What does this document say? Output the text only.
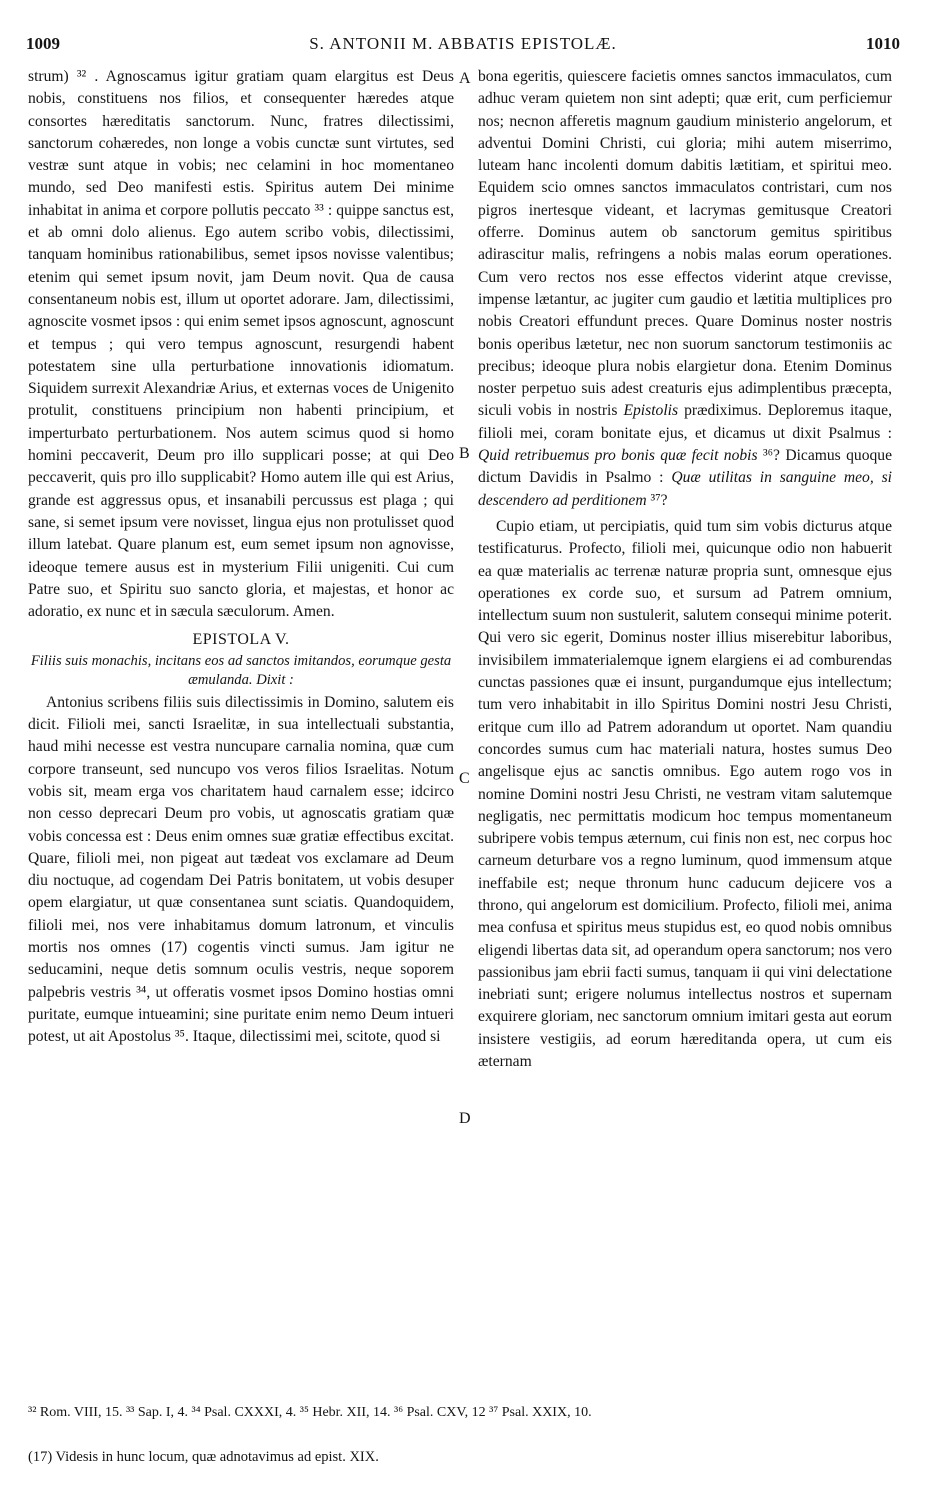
1009	S. ANTONII M. ABBATIS EPISTOLÆ.	1010

strum) ³² . Agnoscamus igitur gratiam quam elargitus est Deus nobis, constituens nos filios, et consequenter hæredes atque consortes hæreditatis sanctorum. Nunc, fratres dilectissimi, sanctorum cohæredes, non longe a vobis cunctæ sunt virtutes, sed vestræ sunt atque in vobis; nec celamini in hoc momentaneo mundo, sed Deo manifesti estis. Spiritus autem Dei minime inhabitat in anima et corpore pollutis peccato ³³ : quippe sanctus est, et ab omni dolo alienus. Ego autem scribo vobis, dilectissimi, tanquam hominibus rationabilibus, semet ipsos novisse valentibus; etenim qui semet ipsum novit, jam Deum novit. Qua de causa consentaneum nobis est, illum ut oportet adorare. Jam, dilectissimi, agnoscite vosmet ipsos : qui enim semet ipsos agnoscunt, agnoscunt et tempus ; qui vero tempus agnoscunt, resurgendi habent potestatem sine ulla perturbatione innovationis idiomatum. Siquidem surrexit Alexandriæ Arius, et externas voces de Unigenito protulit, constituens principium non habenti principium, et imperturbato perturbationem. Nos autem scimus quod si homo homini peccaverit, Deum pro illo supplicari posse; at qui Deo peccaverit, quis pro illo supplicabit? Homo autem ille qui est Arius, grande est aggressus opus, et insanabili percussus est plaga ; qui sane, si semet ipsum vere novisset, lingua ejus non protulisset quod illum latebat. Quare planum est, eum semet ipsum non agnovisse, ideoque temere ausus est in mysterium Filii unigeniti. Cui cum Patre suo, et Spiritu suo sancto gloria, et majestas, et honor ac adoratio, ex nunc et in sæcula sæculorum. Amen.

EPISTOLA V.

Filiis suis monachis, incitans eos ad sanctos imitandos, eorumque gesta æmulanda. Dixit :

Antonius scribens filiis suis dilectissimis in Domino, salutem eis dicit. Filioli mei, sancti Israelitæ, in sua intellectuali substantia, haud mihi necesse est vestra nuncupare carnalia nomina, quæ cum corpore transeunt, sed nuncupo vos veros filios Israelitas. Notum vobis sit, meam erga vos charitatem haud carnalem esse; idcirco non cesso deprecari Deum pro vobis, ut agnoscatis gratiam quæ vobis concessa est : Deus enim omnes suæ gratiæ effectibus excitat. Quare, filioli mei, non pigeat aut tædeat vos exclamare ad Deum diu noctuque, ad cogendam Dei Patris bonitatem, ut vobis desuper opem elargiatur, ut quæ consentanea sunt sciatis. Quandoquidem, filioli mei, nos vere inhabitamus domum latronum, et vinculis mortis nos omnes (17) cogentis vincti sumus. Jam igitur ne seducamini, neque detis somnum oculis vestris, neque soporem palpebris vestris ³⁴, ut offeratis vosmet ipsos Domino hostias omni puritate, eumque intueamini; sine puritate enim nemo Deum intueri potest, ut ait Apostolus ³⁵. Itaque, dilectissimi mei, scitote, quod si

A
B
C
D

bona egeritis, quiescere facietis omnes sanctos immaculatos, cum adhuc veram quietem non sint adepti; quæ erit, cum perficiemur nos; necnon afferetis magnum gaudium ministerio angelorum, et adventui Domini Christi, cui gloria; mihi autem miserrimo, luteam hanc incolenti domum dabitis lætitiam, et spiritui meo. Equidem scio omnes sanctos immaculatos contristari, cum nos pigros inertesque videant, et lacrymas gemitusque Creatori offerre. Dominus autem ob sanctorum gemitus spiritibus adirascitur malis, refringens a nobis malas eorum operationes. Cum vero rectos nos esse effectos viderint atque crevisse, impense lætantur, ac jugiter cum gaudio et lætitia multiplices pro nobis Creatori effundunt preces. Quare Dominus noster nostris bonis operibus lætetur, nec non suorum sanctorum testimoniis ac precibus; ideoque plura nobis elargietur dona. Etenim Dominus noster perpetuo suis adest creaturis ejus adimplentibus præcepta, siculi vobis in nostris Epistolis prædiximus. Deploremus itaque, filioli mei, coram bonitate ejus, et dicamus ut dixit Psalmus : Quid retribuemus pro bonis quæ fecit nobis ³⁶? Dicamus quoque dictum Davidis in Psalmo : Quæ utilitas in sanguine meo, si descendero ad perditionem ³⁷?

Cupio etiam, ut percipiatis, quid tum sim vobis dicturus atque testificaturus. Profecto, filioli mei, quicunque odio non habuerit ea quæ materialis ac terrenæ naturæ propria sunt, omnesque ejus operationes ex corde suo, et sursum ad Patrem omnium, intellectum suum non sustulerit, salutem consequi minime poterit. Qui vero sic egerit, Dominus noster illius miserebitur laboribus, invisibilem immaterialemque ignem elargiens ei ad comburendas cunctas passiones quæ ei insunt, purgandumque ejus intellectum; tum vero inhabitabit in illo Spiritus Domini nostri Jesu Christi, eritque cum illo ad Patrem adorandum ut oportet. Nam quandiu concordes sumus cum hac materiali natura, hostes sumus Deo angelisque ejus ac sanctis omnibus. Ego autem rogo vos in nomine Domini nostri Jesu Christi, ne vestram vitam salutemque negligatis, nec permittatis modicum hoc tempus momentaneum subripere vobis tempus æternum, cui finis non est, nec corpus hoc carneum deturbare vos a regno luminum, quod immensum atque ineffabile est; neque thronum hunc caducum dejicere vos a throno, qui angelorum est domicilium. Profecto, filioli mei, anima mea confusa et spiritus meus stupidus est, eo quod nobis omnibus eligendi libertas data sit, ad operandum opera sanctorum; nos vero passionibus jam ebrii facti sumus, tanquam ii qui vini delectatione inebriati sunt; erigere nolumus intellectus nostros et supernam exquirere gloriam, nec sanctorum omnium imitari gesta aut eorum insistere vestigiis, ad eorum hæreditanda opera, ut cum eis æternam

³² Rom. VIII, 15. ³³ Sap. I, 4. ³⁴ Psal. CXXXI, 4. ³⁵ Hebr. XII, 14. ³⁶ Psal. CXV, 12 ³⁷ Psal. XXIX, 10.
(17) Videsis in hunc locum, quæ adnotavimus ad epist. XIX.
